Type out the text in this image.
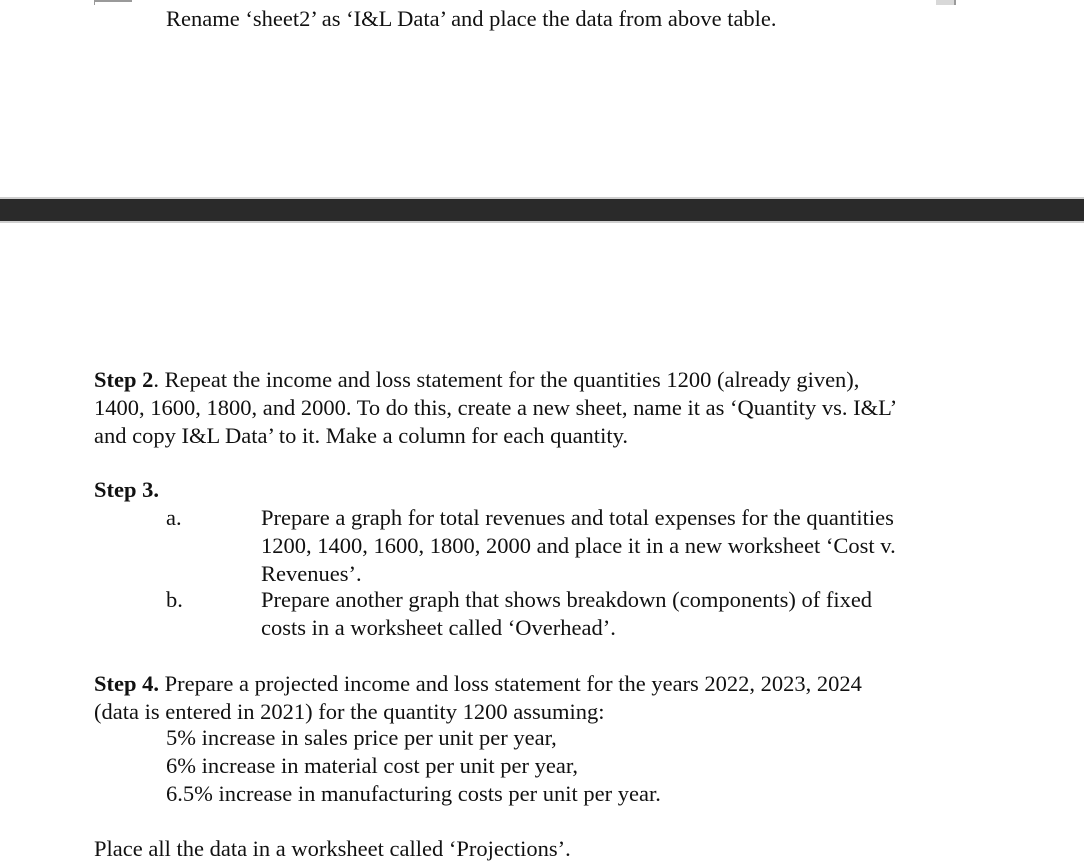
Rename ‘sheet2’ as ‘I&L Data’ and place the data from above table.
Step 2. Repeat the income and loss statement for the quantities 1200 (already given),
1400, 1600, 1800, and 2000. To do this, create a new sheet, name it as ‘Quantity vs. I&L’
and copy I&L Data’ to it. Make a column for each quantity.
Step 3.
a.	Prepare a graph for total revenues and total expenses for the quantities
1200, 1400, 1600, 1800, 2000 and place it in a new worksheet ‘Cost v.
Revenues’.
b.	Prepare another graph that shows breakdown (components) of fixed
costs in a worksheet called ‘Overhead’.
Step 4. Prepare a projected income and loss statement for the years 2022, 2023, 2024
(data is entered in 2021) for the quantity 1200 assuming:
5% increase in sales price per unit per year,
6% increase in material cost per unit per year,
6.5% increase in manufacturing costs per unit per year.
Place all the data in a worksheet called ‘Projections’.
